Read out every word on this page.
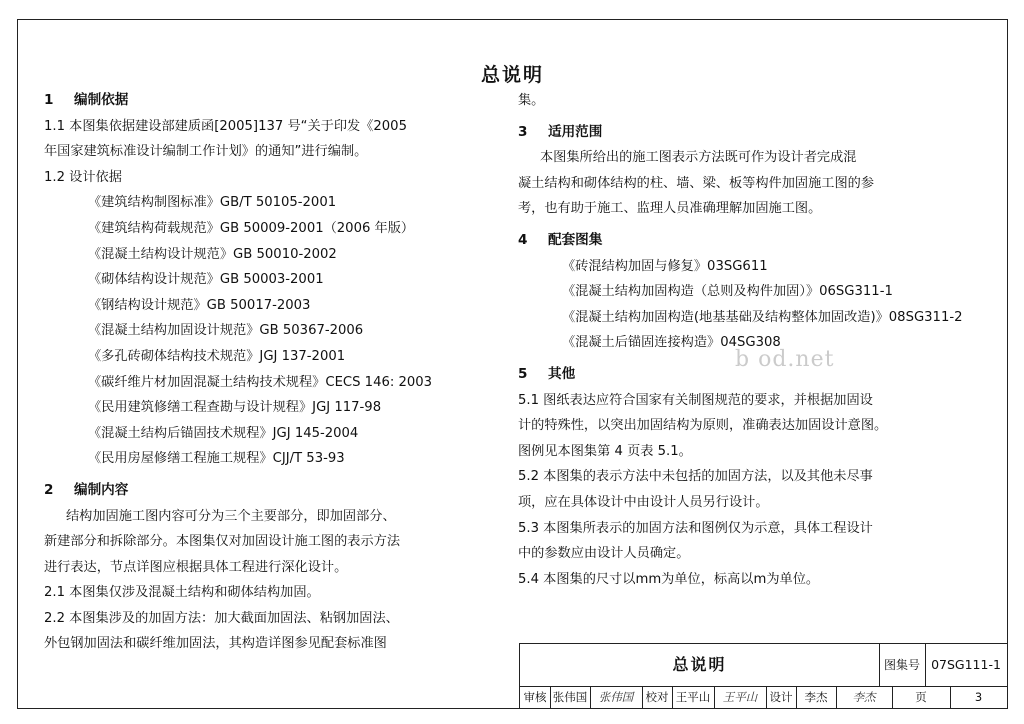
总说明
1 编制依据
1.1 本图集依据建设部建质函[2005]137 号“关于印发《2005
年国家建筑标准设计编制工作计划》的通知”进行编制。
1.2 设计依据
《建筑结构制图标准》GB/T 50105-2001
《建筑结构荷载规范》GB 50009-2001（2006 年版）
《混凝土结构设计规范》GB 50010-2002
《砌体结构设计规范》GB 50003-2001
《钢结构设计规范》GB 50017-2003
《混凝土结构加固设计规范》GB 50367-2006
《多孔砖砌体结构技术规范》JGJ 137-2001
《碳纤维片材加固混凝土结构技术规程》CECS 146: 2003
《民用建筑修缮工程查勘与设计规程》JGJ 117-98
《混凝土结构后锚固技术规程》JGJ 145-2004
《民用房屋修缮工程施工规程》CJJ/T 53-93
2 编制内容
结构加固施工图内容可分为三个主要部分，即加固部分、
新建部分和拆除部分。本图集仅对加固设计施工图的表示方法
进行表达，节点详图应根据具体工程进行深化设计。
2.1 本图集仅涉及混凝土结构和砌体结构加固。
2.2 本图集涉及的加固方法：加大截面加固法、粘钢加固法、
外包钢加固法和碳纤维加固法，其构造详图参见配套标准图
集。
3 适用范围
本图集所给出的施工图表示方法既可作为设计者完成混
凝土结构和砌体结构的柱、墙、梁、板等构件加固施工图的参
考，也有助于施工、监理人员准确理解加固施工图。
4 配套图集
《砖混结构加固与修复》03SG611
《混凝土结构加固构造（总则及构件加固）》06SG311-1
《混凝土结构加固构造(地基基础及结构整体加固改造)》08SG311-2
《混凝土后锚固连接构造》04SG308
5 其他
5.1 图纸表达应符合国家有关制图规范的要求，并根据加固设
计的特殊性，以突出加固结构为原则，准确表达加固设计意图。
图例见本图集第 4 页表 5.1。
5.2 本图集的表示方法中未包括的加固方法，以及其他未尽事
项，应在具体设计中由设计人员另行设计。
5.3 本图集所表示的加固方法和图例仅为示意，具体工程设计
中的参数应由设计人员确定。
5.4 本图集的尺寸以mm为单位，标高以m为单位。
b od.net
总说明	图集号 07SG111-1
审核 张伟国	张伟国	校对 王平山	王平山	设计	李杰	李杰	页	3
